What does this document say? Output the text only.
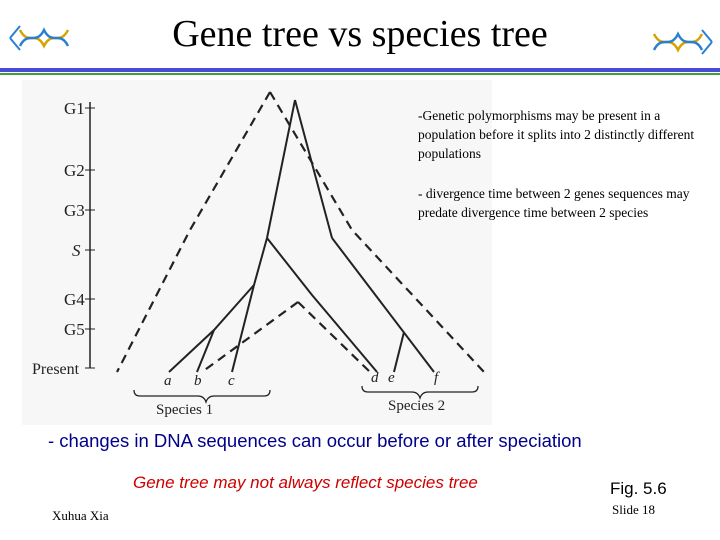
Gene tree vs species tree
G1
G2
G3
S
G4
G5
Present
a b c	d e	f
Species 1	Species 2
-Genetic polymorphisms may be present in a population before it splits into 2 distinctly different populations
- divergence time between 2 genes sequences may predate divergence time between 2 species
- changes in DNA sequences can occur before or after speciation
Gene tree may not always reflect species tree	Fig. 5.6
Xuhua Xia	Slide 18
